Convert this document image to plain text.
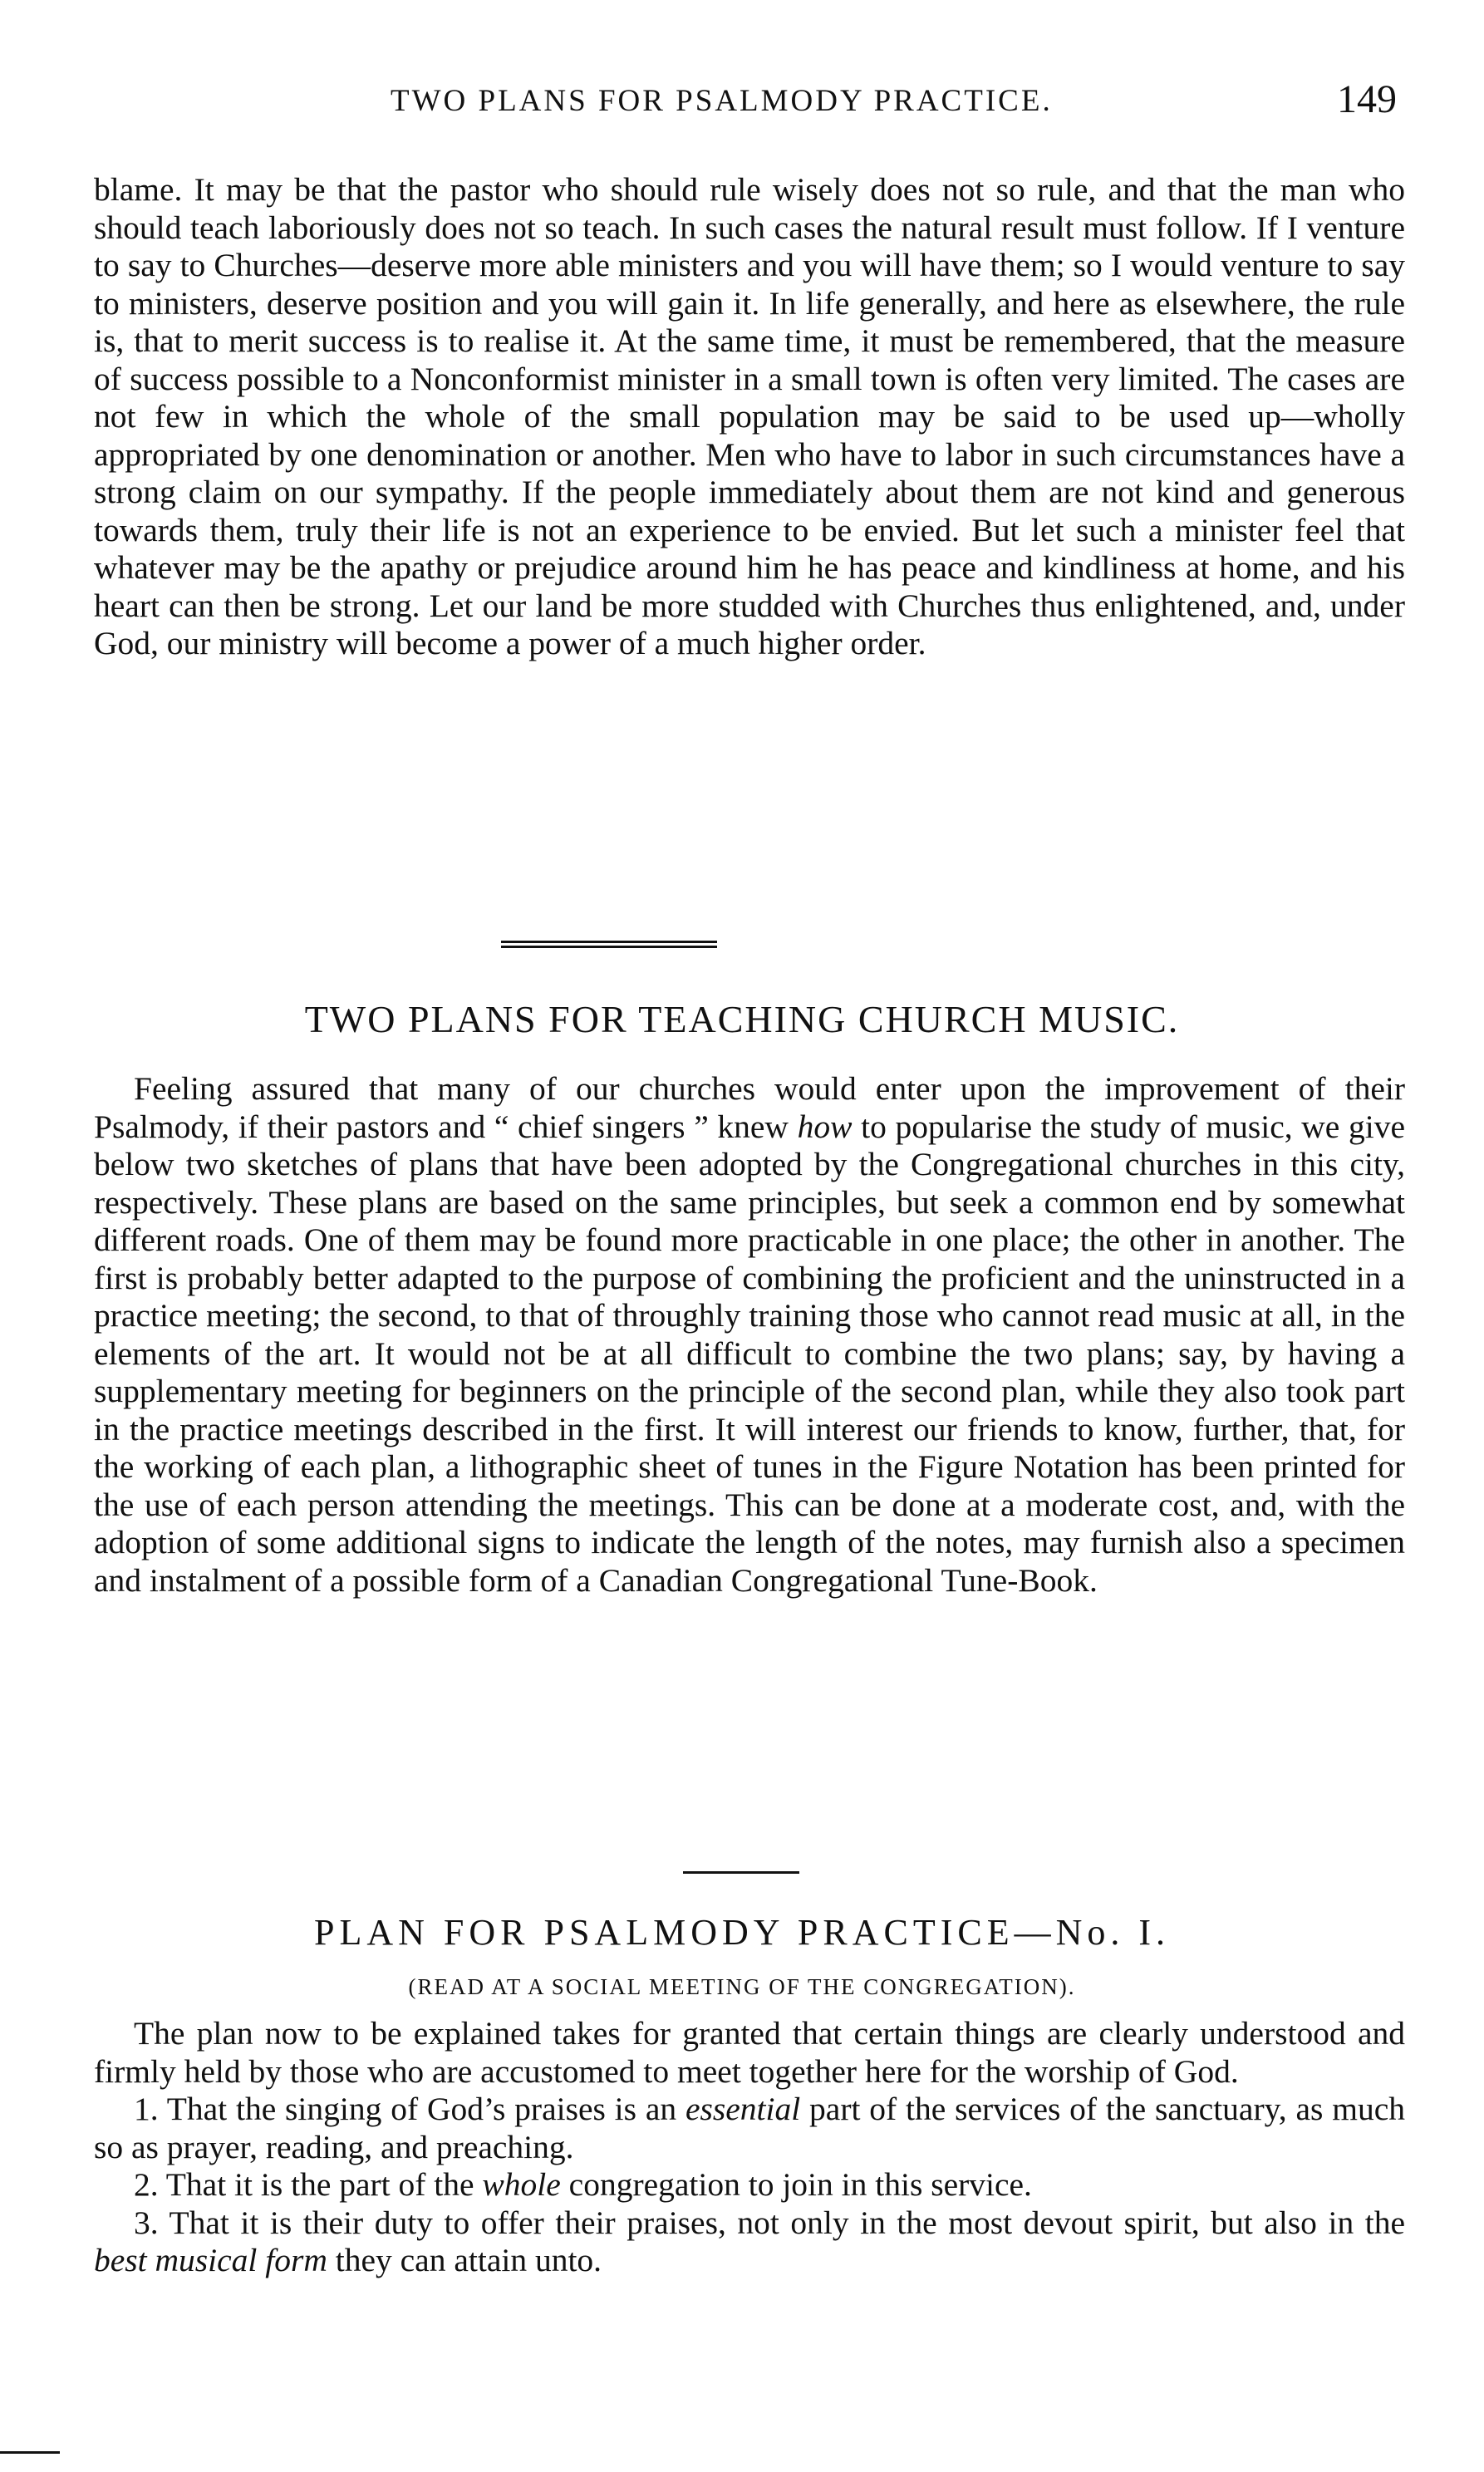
TWO PLANS FOR PSALMODY PRACTICE.	149

blame. It may be that the pastor who should rule wisely does not so rule, and that the man who should teach laboriously does not so teach. In such cases the natural result must follow. If I venture to say to Churches—deserve more able ministers and you will have them; so I would venture to say to ministers, deserve position and you will gain it. In life generally, and here as elsewhere, the rule is, that to merit success is to realise it. At the same time, it must be remembered, that the measure of success possible to a Nonconformist minister in a small town is often very limited. The cases are not few in which the whole of the small population may be said to be used up—wholly appropriated by one denomination or another. Men who have to labor in such circumstances have a strong claim on our sympathy. If the people immediately about them are not kind and generous towards them, truly their life is not an experience to be envied. But let such a minister feel that whatever may be the apathy or prejudice around him he has peace and kindliness at home, and his heart can then be strong. Let our land be more studded with Churches thus enlightened, and, under God, our ministry will become a power of a much higher order.

TWO PLANS FOR TEACHING CHURCH MUSIC.

Feeling assured that many of our churches would enter upon the improvement of their Psalmody, if their pastors and “ chief singers ” knew how to popularise the study of music, we give below two sketches of plans that have been adopted by the Congregational churches in this city, respectively. These plans are based on the same principles, but seek a common end by somewhat different roads. One of them may be found more practicable in one place; the other in another. The first is probably better adapted to the purpose of combining the proficient and the uninstructed in a practice meeting; the second, to that of throughly training those who cannot read music at all, in the elements of the art. It would not be at all difficult to combine the two plans; say, by having a supplementary meeting for beginners on the principle of the second plan, while they also took part in the practice meetings described in the first. It will interest our friends to know, further, that, for the working of each plan, a lithographic sheet of tunes in the Figure Notation has been printed for the use of each person attending the meetings. This can be done at a moderate cost, and, with the adoption of some additional signs to indicate the length of the notes, may furnish also a specimen and instalment of a possible form of a Canadian Congregational Tune-Book.

PLAN FOR PSALMODY PRACTICE—No. I.
(READ AT A SOCIAL MEETING OF THE CONGREGATION).

The plan now to be explained takes for granted that certain things are clearly understood and firmly held by those who are accustomed to meet together here for the worship of God.

1. That the singing of God’s praises is an essential part of the services of the sanctuary, as much so as prayer, reading, and preaching.

2. That it is the part of the whole congregation to join in this service.

3. That it is their duty to offer their praises, not only in the most devout spirit, but also in the best musical form they can attain unto.
